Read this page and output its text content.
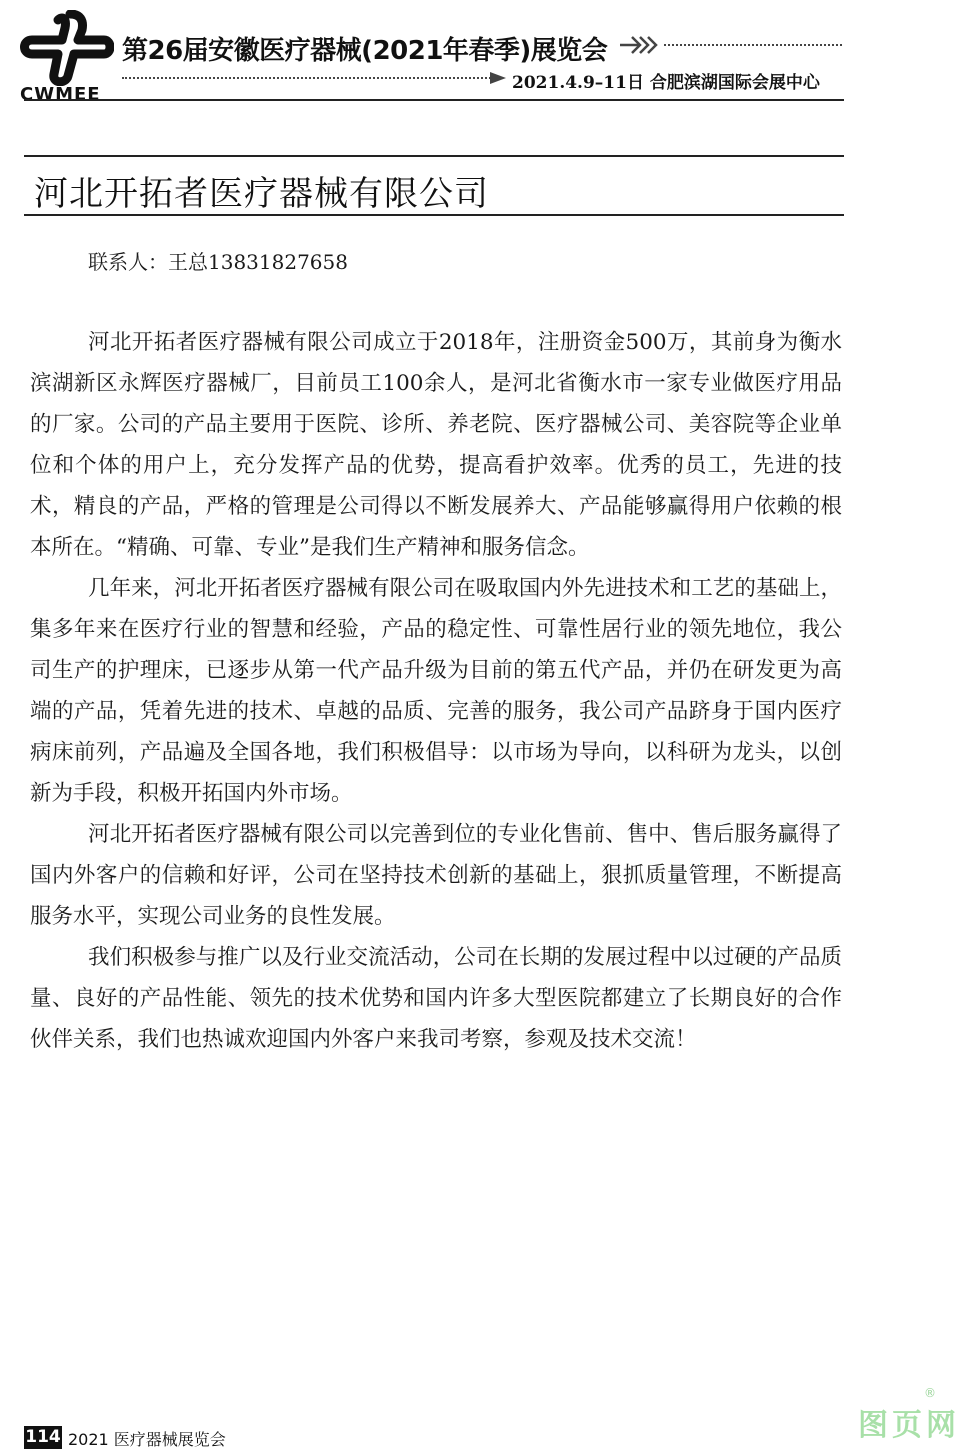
CWMEE
第26届安徽医疗器械(2021年春季)展览会
2021.4.9–11日 合肥滨湖国际会展中心
河北开拓者医疗器械有限公司
联系人：王总13831827658

河北开拓者医疗器械有限公司成立于2018年，注册资金500万，其前身为衡水滨湖新区永辉医疗器械厂，目前员工100余人，是河北省衡水市一家专业做医疗用品的厂家。公司的产品主要用于医院、诊所、养老院、医疗器械公司、美容院等企业单位和个体的用户上，充分发挥产品的优势，提高看护效率。优秀的员工，先进的技术，精良的产品，严格的管理是公司得以不断发展养大、产品能够赢得用户依赖的根本所在。“精确、可靠、专业”是我们生产精神和服务信念。

几年来，河北开拓者医疗器械有限公司在吸取国内外先进技术和工艺的基础上，集多年来在医疗行业的智慧和经验，产品的稳定性、可靠性居行业的领先地位，我公司生产的护理床，已逐步从第一代产品升级为目前的第五代产品，并仍在研发更为高端的产品，凭着先进的技术、卓越的品质、完善的服务，我公司产品跻身于国内医疗病床前列，产品遍及全国各地，我们积极倡导：以市场为导向，以科研为龙头，以创新为手段，积极开拓国内外市场。

河北开拓者医疗器械有限公司以完善到位的专业化售前、售中、售后服务赢得了国内外客户的信赖和好评，公司在坚持技术创新的基础上，狠抓质量管理，不断提高服务水平，实现公司业务的良性发展。

我们积极参与推广以及行业交流活动，公司在长期的发展过程中以过硬的产品质量、良好的产品性能、领先的技术优势和国内许多大型医院都建立了长期良好的合作伙伴关系，我们也热诚欢迎国内外客户来我司考察，参观及技术交流！

114 2021 医疗器械展览会	图页网
®
